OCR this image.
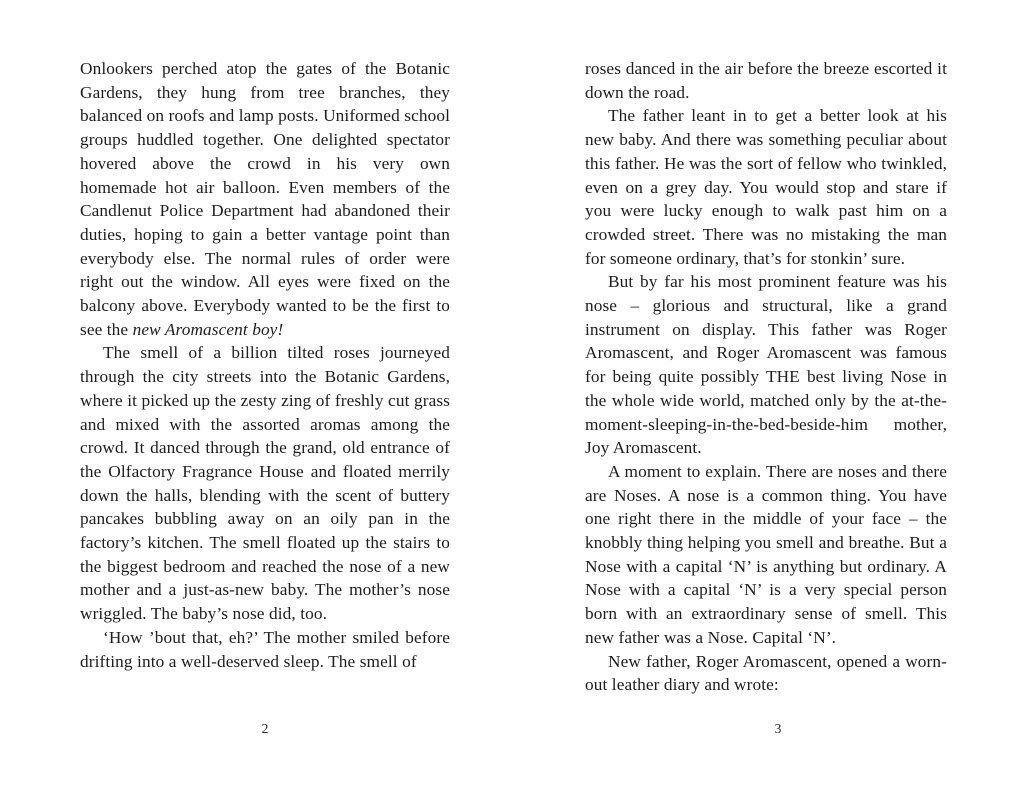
Onlookers perched atop the gates of the Botanic Gardens, they hung from tree branches, they balanced on roofs and lamp posts. Uniformed school groups huddled together. One delighted spectator hovered above the crowd in his very own homemade hot air balloon. Even members of the Candlenut Police Department had abandoned their duties, hoping to gain a better vantage point than everybody else. The normal rules of order were right out the window. All eyes were fixed on the balcony above. Everybody wanted to be the first to see the new Aromascent boy!

The smell of a billion tilted roses journeyed through the city streets into the Botanic Gardens, where it picked up the zesty zing of freshly cut grass and mixed with the assorted aromas among the crowd. It danced through the grand, old entrance of the Olfactory Fragrance House and floated merrily down the halls, blending with the scent of buttery pancakes bubbling away on an oily pan in the factory’s kitchen. The smell floated up the stairs to the biggest bedroom and reached the nose of a new mother and a just-as-new baby. The mother’s nose wriggled. The baby’s nose did, too.

‘How ’bout that, eh?’ The mother smiled before drifting into a well-deserved sleep. The smell of

2

roses danced in the air before the breeze escorted it down the road.

The father leant in to get a better look at his new baby. And there was something peculiar about this father. He was the sort of fellow who twinkled, even on a grey day. You would stop and stare if you were lucky enough to walk past him on a crowded street. There was no mistaking the man for someone ordinary, that’s for stonkin’ sure.

But by far his most prominent feature was his nose – glorious and structural, like a grand instrument on display. This father was Roger Aromascent, and Roger Aromascent was famous for being quite possibly THE best living Nose in the whole wide world, matched only by the at-the-moment-sleeping-in-the-bed-beside-him mother, Joy Aromascent.

A moment to explain. There are noses and there are Noses. A nose is a common thing. You have one right there in the middle of your face – the knobbly thing helping you smell and breathe. But a Nose with a capital ‘N’ is anything but ordinary. A Nose with a capital ‘N’ is a very special person born with an extraordinary sense of smell. This new father was a Nose. Capital ‘N’.

New father, Roger Aromascent, opened a worn-out leather diary and wrote:

3
